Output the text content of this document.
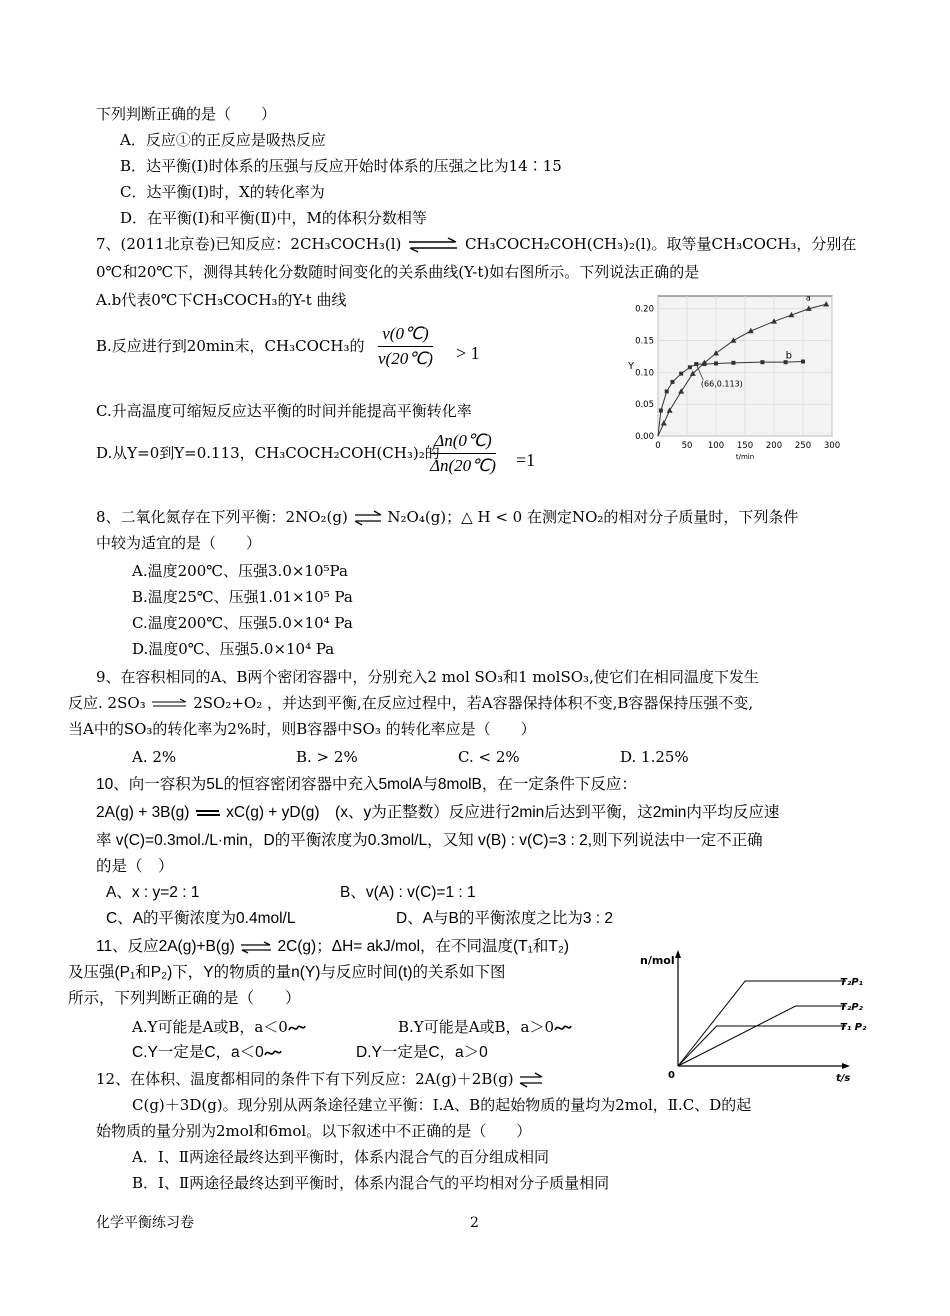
下列判断正确的是（　　）
A．反应①的正反应是吸热反应
B．达平衡(Ⅰ)时体系的压强与反应开始时体系的压强之比为14∶15
C．达平衡(Ⅰ)时，X的转化率为
D．在平衡(Ⅰ)和平衡(Ⅱ)中，M的体积分数相等
7、(2011北京卷)已知反应：2CH₃COCH₃(l) ⇌ CH₃COCH₂COH(CH₃)₂(l)。取等量CH₃COCH₃，分别在
0℃和20℃下，测得其转化分数随时间变化的关系曲线(Y-t)如右图所示。下列说法正确的是
A.b代表0℃下CH₃COCH₃的Y-t 曲线
B.反应进行到20min末，CH₃COCH₃的 $\frac{v(0℃)}{v(20℃)} > 1$
C.升高温度可缩短反应达平衡的时间并能提高平衡转化率
D.从Y=0到Y=0.113，CH₃COCH₂COH(CH₃)₂的
$\frac{\Delta n(0℃)}{\Delta n(20℃)} =1$
0 50 100 150 200 250 300
0.00
0.05
0.10
0.15
0.20
Y
t/min
a
b
(66,0.113)
8、二氧化氮存在下列平衡：2NO₂(g) ⇌ N₂O₄(g)；△ H < 0 在测定NO₂的相对分子质量时，下列条件
中较为适宜的是（　　）
A.温度200℃、压强3.0×10⁵Pa
B.温度25℃、压强1.01×10⁵ Pa
C.温度200℃、压强5.0×10⁴ Pa
D.温度0℃、压强5.0×10⁴ Pa
9、在容积相同的A、B两个密闭容器中，分别充入2 mol SO₃和1 molSO₃,使它们在相同温度下发生
反应. 2SO₃	2SO₂+O₂ ，并达到平衡,在反应过程中，若A容器保持体积不变,B容器保持压强不变,
当A中的SO₃的转化率为2%时，则B容器中SO₃ 的转化率应是（　　）
A. 2%	B. > 2%	C. < 2%	D. 1.25%
10、向一容积为5L的恒容密闭容器中充入5molA与8molB，在一定条件下反应：
2A(g) + 3B(g) xC(g) + yD(g)　(x、y为正整数）反应进行2min后达到平衡，这2min内平均反应速
率 v(C)=0.3mol./L·min，D的平衡浓度为0.3mol/L，又知 v(B) : v(C)=3 : 2,则下列说法中一定不正确
的是（　）
A、x : y=2 : 1	B、v(A) : v(C)=1 : 1
C、A的平衡浓度为0.4mol/L	D、A与B的平衡浓度之比为3 : 2
11、反应2A(g)+B(g) ⇌ 2C(g)；ΔH= akJ/mol，在不同温度(T₁和T₂)
及压强(P₁和P₂)下，Y的物质的量n(Y)与反应时间(t)的关系如下图
所示，下列判断正确的是（　　）
A.Y可能是A或B，a＜0	B.Y可能是A或B，a＞0
C.Y一定是C，a＜0	D.Y一定是C，a＞0
n/mol
t/s
0
T₂P₁
T₂P₂
T₁ P₂
12、在体积、温度都相同的条件下有下列反应：2A(g)＋2B(g) ⇌
C(g)＋3D(g)。现分别从两条途径建立平衡：Ⅰ.A、B的起始物质的量均为2mol，Ⅱ.C、D的起
始物质的量分别为2mol和6mol。以下叙述中不正确的是（　　）
A．Ⅰ、Ⅱ两途径最终达到平衡时，体系内混合气的百分组成相同
B．Ⅰ、Ⅱ两途径最终达到平衡时，体系内混合气的平均相对分子质量相同
化学平衡练习卷	2
